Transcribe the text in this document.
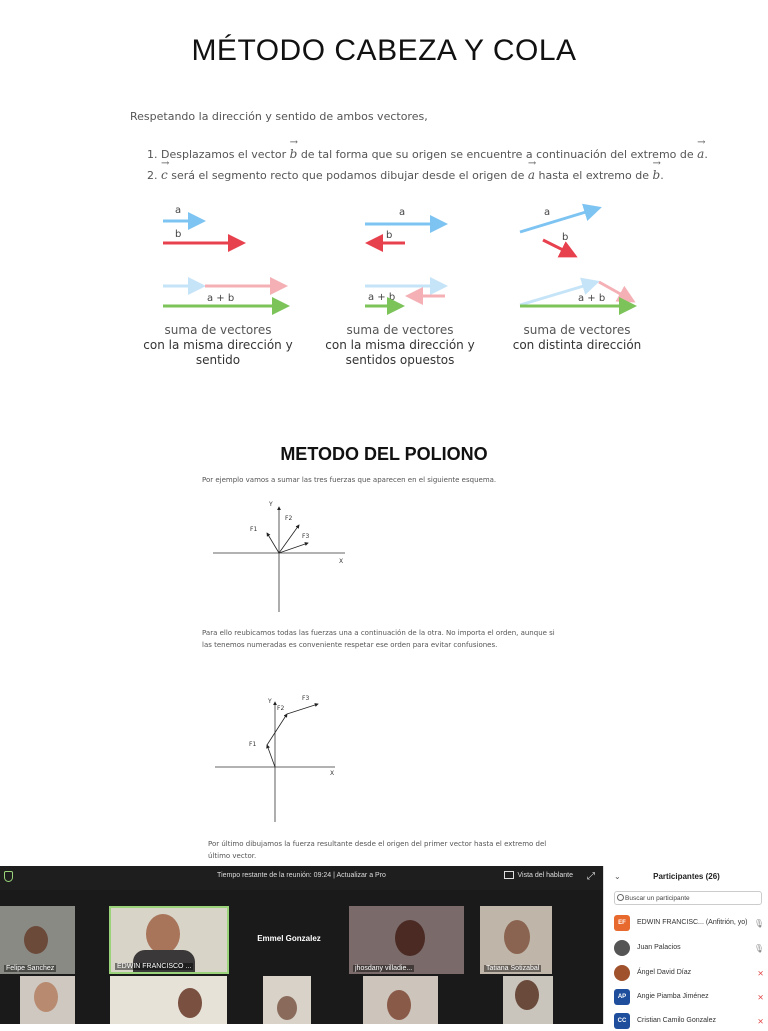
MÉTODO CABEZA Y COLA
Respetando la dirección y sentido de ambos vectores,
1. Desplazamos el vector → b de tal forma que su origen se encuentre a continuación del extremo de → a.
2. → c será el segmento recto que podamos dibujar desde el origen de → a hasta el extremo de → b.
a
b
a + b
a
b
a + b
a
b
a + b
suma de vectores
con la misma dirección y
sentido
suma de vectores
con la misma dirección y
sentidos opuestos
suma de vectores
con distinta dirección
METODO DEL POLIONO
Por ejemplo vamos a sumar las tres fuerzas que aparecen en el siguiente esquema.
Y
X
F1
F2
F3
Para ello reubicamos todas las fuerzas una a continuación de la otra. No importa el orden, aunque si
las tenemos numeradas es conveniente respetar ese orden para evitar confusiones.
Y
X
F1
F2
F3
Por último dibujamos la fuerza resultante desde el origen del primer vector hasta el extremo del
último vector.
Tiempo restante de la reunión: 09:24 | Actualizar a Pro	Vista del hablante ⤢
Felipe Sanchez	EDWIN FRANCISCO ...
Emmel Gonzalez
jhosdany villadie...	Tatiana Sotizabal
⌄	Participantes (26)
Buscar un participante
EF	EDWIN FRANCISC... (Anfitrión, yo) 🎙
Juan Palacios	🎙
Ángel David Díaz	⨯
AP	Angie Piamba Jiménez	⨯
CC	Cristian Camilo Gonzalez	⨯
